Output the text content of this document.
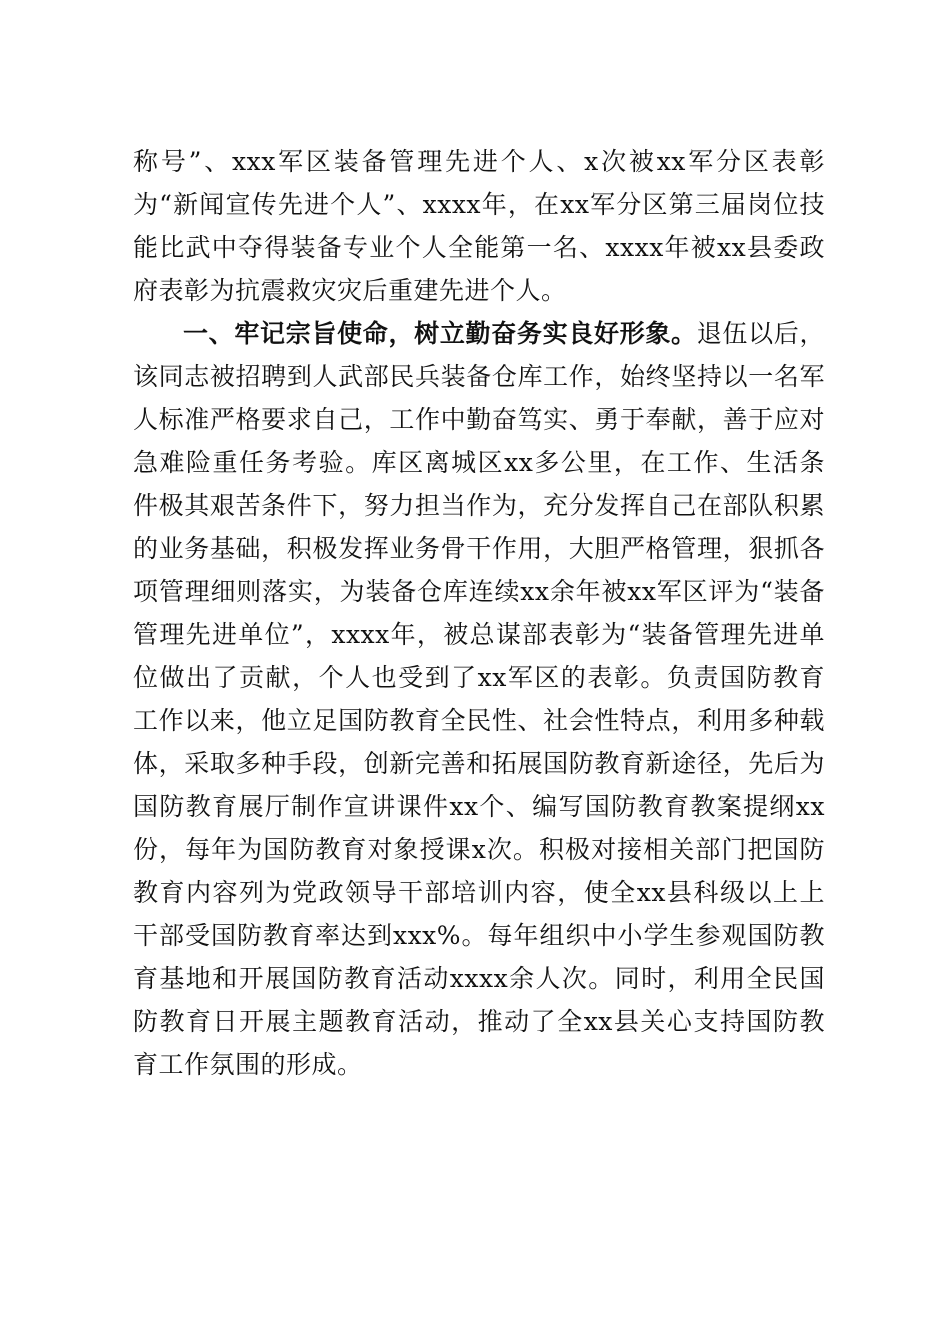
称号”、xxx军区装备管理先进个人、x次被xx军分区表彰为“新闻宣传先进个人”、xxxx年，在xx军分区第三届岗位技能比武中夺得装备专业个人全能第一名、xxxx年被xx县委政府表彰为抗震救灾灾后重建先进个人。

一、牢记宗旨使命，树立勤奋务实良好形象。退伍以后，该同志被招聘到人武部民兵装备仓库工作，始终坚持以一名军人标准严格要求自己，工作中勤奋笃实、勇于奉献，善于应对急难险重任务考验。库区离城区xx多公里，在工作、生活条件极其艰苦条件下，努力担当作为，充分发挥自己在部队积累的业务基础，积极发挥业务骨干作用，大胆严格管理，狠抓各项管理细则落实，为装备仓库连续xx余年被xx军区评为“装备管理先进单位”，xxxx年，被总谋部表彰为“装备管理先进单位做出了贡献，个人也受到了xx军区的表彰。负责国防教育工作以来，他立足国防教育全民性、社会性特点，利用多种载体，采取多种手段，创新完善和拓展国防教育新途径，先后为国防教育展厅制作宣讲课件xx个、编写国防教育教案提纲xx份，每年为国防教育对象授课x次。积极对接相关部门把国防教育内容列为党政领导干部培训内容，使全xx县科级以上上干部受国防教育率达到xxx%。每年组织中小学生参观国防教育基地和开展国防教育活动xxxx余人次。同时，利用全民国防教育日开展主题教育活动，推动了全xx县关心支持国防教育工作氛围的形成。
